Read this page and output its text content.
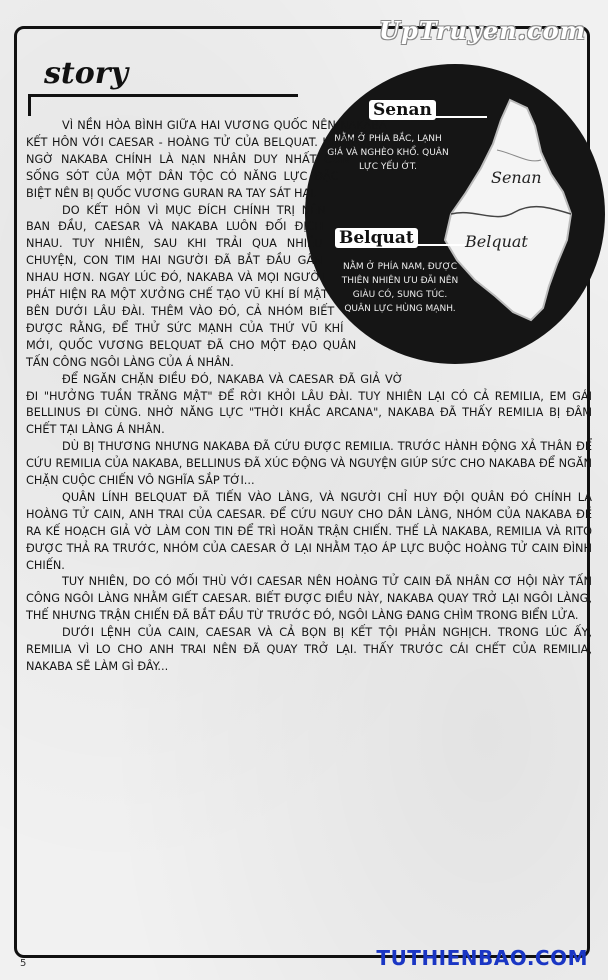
UpTruyen.com
story
Senan
NẰM Ở PHÍA BẮC, LẠNH GIÁ VÀ NGHÈO KHỔ. QUÂN LỰC YẾU ỚT.
Senan
Belquat
NẰM Ở PHÍA NAM, ĐƯỢC THIÊN NHIÊN ƯU ĐÃI NÊN GIÀU CÓ, SUNG TÚC. QUÂN LỰC HÙNG MẠNH.
Belquat

VÌ NỀN HÒA BÌNH GIỮA HAI VƯƠNG QUỐC NÊN NAKABA KẾT HÔN VỚI CAESAR - HOÀNG TỬ CỦA BELQUAT. KHÔNG NGỜ NAKABA CHÍNH LÀ NẠN NHÂN DUY NHẤT CÒN SỐNG SÓT CỦA MỘT DÂN TỘC CÓ NĂNG LỰC ĐẶC BIỆT NÊN BỊ QUỐC VƯƠNG GURAN RA TAY SÁT HẠI.

DO KẾT HÔN VÌ MỤC ĐÍCH CHÍNH TRỊ NÊN BAN ĐẦU, CAESAR VÀ NAKABA LUÔN ĐỐI ĐỊCH NHAU. TUY NHIÊN, SAU KHI TRẢI QUA NHIỀU CHUYỆN, CON TIM HAI NGƯỜI ĐÃ BẮT ĐẦU GẦN NHAU HƠN. NGAY LÚC ĐÓ, NAKABA VÀ MỌI NGƯỜI PHÁT HIỆN RA MỘT XƯỞNG CHẾ TẠO VŨ KHÍ BÍ MẬT BÊN DƯỚI LÂU ĐÀI. THÊM VÀO ĐÓ, CẢ NHÓM BIẾT ĐƯỢC RẰNG, ĐỂ THỬ SỨC MẠNH CỦA THỨ VŨ KHÍ MỚI, QUỐC VƯƠNG BELQUAT ĐÃ CHO MỘT ĐẠO QUÂN TẤN CÔNG NGÔI LÀNG CỦA Á NHÂN.

ĐỂ NGĂN CHẶN ĐIỀU ĐÓ, NAKABA VÀ CAESAR ĐÃ GIẢ VỜ ĐI "HƯỞNG TUẦN TRĂNG MẬT" ĐỂ RỜI KHỎI LÂU ĐÀI. TUY NHIÊN LẠI CÓ CẢ REMILIA, EM GÁI BELLINUS ĐI CÙNG. NHỜ NĂNG LỰC "THỜI KHẮC ARCANA", NAKABA ĐÃ THẤY REMILIA BỊ ĐÂM CHẾT TẠI LÀNG Á NHÂN.

DÙ BỊ THƯƠNG NHƯNG NAKABA ĐÃ CỨU ĐƯỢC REMILIA. TRƯỚC HÀNH ĐỘNG XẢ THÂN ĐỂ CỨU REMILIA CỦA NAKABA, BELLINUS ĐÃ XÚC ĐỘNG VÀ NGUYỆN GIÚP SỨC CHO NAKABA ĐỂ NGĂN CHẶN CUỘC CHIẾN VÔ NGHĨA SẮP TỚI...

QUÂN LÍNH BELQUAT ĐÃ TIẾN VÀO LÀNG, VÀ NGƯỜI CHỈ HUY ĐỘI QUÂN ĐÓ CHÍNH LÀ HOÀNG TỬ CAIN, ANH TRAI CỦA CAESAR. ĐỂ CỨU NGUY CHO DÂN LÀNG, NHÓM CỦA NAKABA ĐỀ RA KẾ HOẠCH GIẢ VỜ LÀM CON TIN ĐỂ TRÌ HOÃN TRẬN CHIẾN. THẾ LÀ NAKABA, REMILIA VÀ RITO ĐƯỢC THẢ RA TRƯỚC, NHÓM CỦA CAESAR Ở LẠI NHẰM TẠO ÁP LỰC BUỘC HOÀNG TỬ CAIN ĐÌNH CHIẾN.

TUY NHIÊN, DO CÓ MỐI THÙ VỚI CAESAR NÊN HOÀNG TỬ CAIN ĐÃ NHÂN CƠ HỘI NÀY TẤN CÔNG NGÔI LÀNG NHẰM GIẾT CAESAR. BIẾT ĐƯỢC ĐIỀU NÀY, NAKABA QUAY TRỞ LẠI NGÔI LÀNG, THẾ NHƯNG TRẬN CHIẾN ĐÃ BẮT ĐẦU TỪ TRƯỚC ĐÓ, NGÔI LÀNG ĐANG CHÌM TRONG BIỂN LỬA.

DƯỚI LỆNH CỦA CAIN, CAESAR VÀ CẢ BỌN BỊ KẾT TỘI PHẢN NGHỊCH. TRONG LÚC ẤY, REMILIA VÌ LO CHO ANH TRAI NÊN ĐÃ QUAY TRỞ LẠI. THẤY TRƯỚC CÁI CHẾT CỦA REMILIA, NAKABA SẼ LÀM GÌ ĐÂY...

5	TUTHIENBAO.COM
